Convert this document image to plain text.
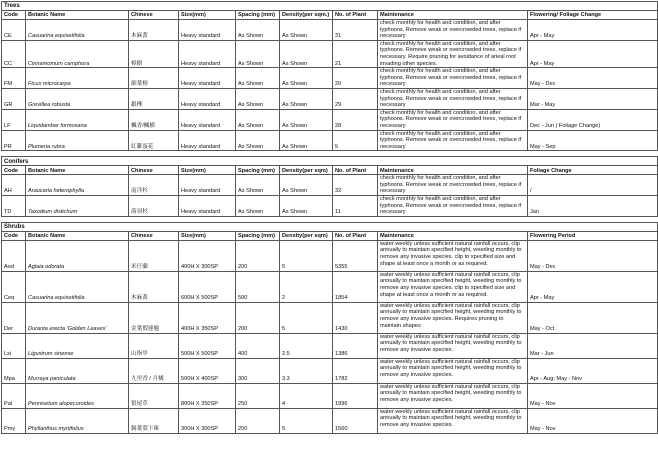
Trees								
Code	Botanic Name	Chinese	Size(mm)	Spacing (mm)	Density(per sqm.)	No. of Plant	Maintenance	Flowering/ Foliage Change
CE	Casuarina equisetifolia	木麻黃	Heavy standard	As Shown	As Shown	31	check monthly for health and condition, and after typhoons. Remove weak or overcrowded trees, replace if necessary	Apr - May
CC	Cinnamomum camphora	樟樹	Heavy standard	As Shown	As Shown	21	check monthly for health and condition, and after typhoons. Remove weak or overcrowded trees, replace if necessary. Require pruning for avoidance of arieal root invading other species.	Apr - May
FM	Ficus microcarpa	細葉榕	Heavy standard	As Shown	As Shown	20	check monthly for health and condition, and after typhoons. Remove weak or overcrowded trees, replace if necessary	May - Dec
GR	Grevillea robusta	銀樺	Heavy standard	As Shown	As Shown	29	check monthly for health and condition, and after typhoons. Remove weak or overcrowded trees, replace if necessary	Mar - May
LF	Liquidambar formosana	楓香/楓樹	Heavy standard	As Shown	As Shown	28	check monthly for health and condition, and after typhoons. Remove weak or overcrowded trees, replace if necessary	Dec - Jun ( Foliage Change)
PR	Plumeria rubra	紅雞蛋花	Heavy standard	As Shown	As Shown	5	check monthly for health and condition, and after typhoons. Remove weak or overcrowded trees, replace if necessary	May - Sep
Conifers								
Code	Botanic Name	Chinese	Size(mm)	Spacing (mm)	Density(per sqm)	No. of Plant	Maintenance	Foliage Change
AH	Araucaria heterophylla	南洋杉	Heavy standard	As Shown	As Shown	32	check monthly for health and condition, and after typhoons. Remove weak or overcrowded trees, replace if necessary	/
TD	Taxodium distichum	落羽杉	Heavy standard	As Shown	As Shown	11	check monthly for health and condition, and after typhoons. Remove weak or overcrowded trees, replace if necessary	Jan
Shrubs								
Code	Botanic Name	Chinese	Size(mm)	Spacing (mm)	Density(per sqm)	No. of Plant	Maintenance	Flowering Period
Aod	Aglaia odorata	米仔蘭	400H X 300SP	200	5	5355	water weekly unless sufficient natural rainfall occurs, clip annually to maintain specified height, weeding monthly to remove any invasive species. clip to specified size and shape at least once a month or as required.	May - Dec
Ceq	Casuarina equisetifolia	木麻黃	600H X 500SP	500	2	1854	water weekly unless sufficient natural rainfall occurs, clip annually to maintain specified height, weeding monthly to remove any invasive species. clip to specified size and shape at least once a month or as required.	Apr - May
Der	Duranta erecta 'Golden Leaves'	金葉假連翹	400H X 350SP	200	5	1430	water weekly unless sufficient natural rainfall occurs, clip annually to maintain specified height, weeding monthly to remove any invasive species. Requires pruning to maintain shapes	May - Oct
Lsi	Ligustrum sinense	山指甲	500H X 500SP	400	2.5	1386	water weekly unless sufficient natural rainfall occurs, clip annually to maintain specified height, weeding monthly to remove any invasive species.	Mar - Jun
Mpa	Murraya paniculata	九里香 / 月橘	500H X 400SP	300	3.3	1782	water weekly unless sufficient natural rainfall occurs, clip annually to maintain specified height, weeding monthly to remove any invasive species.	Apr - Aug; May - Nov
Pal	Pennisetum alopecuroides	狼尾草	800H X 350SP	250	4	1996	water weekly unless sufficient natural rainfall occurs, clip annually to maintain specified height, weeding monthly to remove any invasive species.	May - Nov
Pmy	Phyllanthus myrtifolius	錫葉葉下珠	300H X 300SP	200	5	1560	water weekly unless sufficient natural rainfall occurs, clip annually to maintain specified height, weeding monthly to remove any invasive species.	May - Nov
